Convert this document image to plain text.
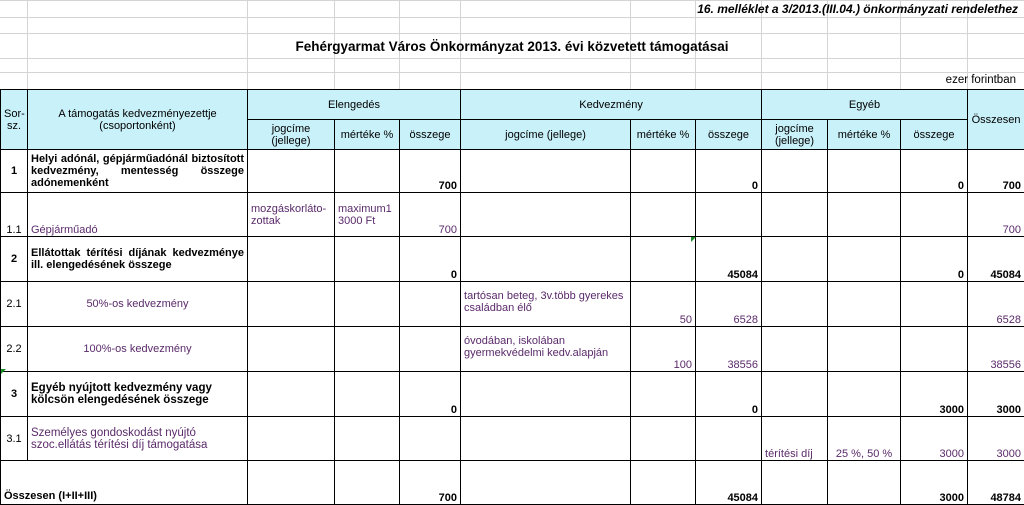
16. melléklet a 3/2013.(III.04.) önkormányzati rendelethez
Fehérgyarmat Város Önkormányzat 2013. évi közvetett támogatásai
ezer forintban
Sor-sz.	A támogatás kedvezményezettje (csoportonként)	Elengedés			Kedvezmény			Egyéb			Összesen
		jogcíme (jellege)	mértéke %	összege	jogcíme (jellege)	mértéke %	összege	jogcíme (jellege)	mértéke %	összege	
1	Helyi adónál, gépjárműadónál biztosított kedvezmény, mentesség összege adónemenként			700			0			0	700
1.1	Gépjárműadó	mozgáskorláto-zottak	maximum1 3000 Ft	700							700
2	Ellátottak térítési díjának kedvezménye ill. elengedésének összege			0			45084			0	45084
2.1	50%-os kedvezmény				tartósan beteg, 3v.több gyerekes családban élő	50	6528				6528
2.2	100%-os kedvezmény				óvodában, iskolában gyermekvédelmi kedv.alapján	100	38556				38556
3	Egyéb nyújtott kedvezmény vagy kölcsön elengedésének összege			0			0			3000	3000
3.1	Személyes gondoskodást nyújtó szoc.ellátás térítési díj támogatása							térítési díj	25 %, 50 %	3000	3000
Összesen (I+II+III)				700			45084			3000	48784
